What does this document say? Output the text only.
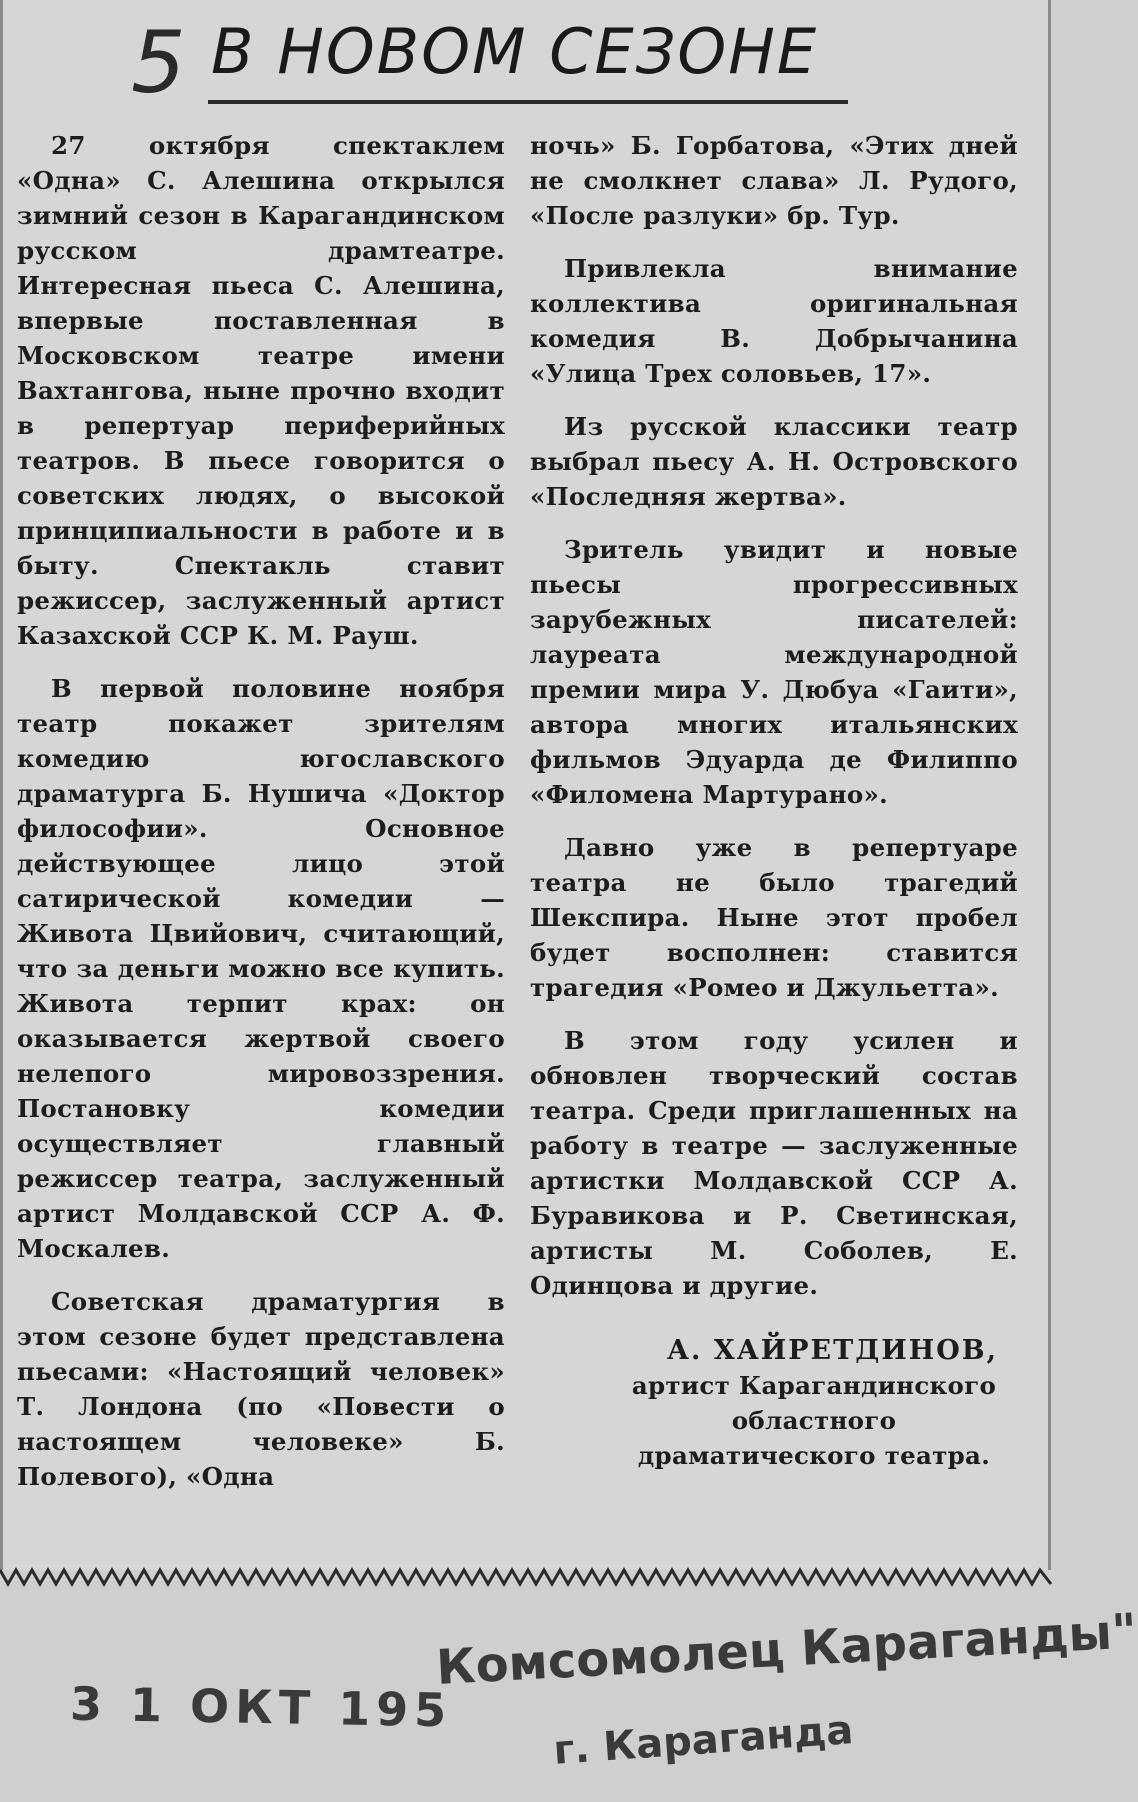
5 В НОВОМ СЕЗОНЕ

27 октября спектаклем «Одна» С. Алешина открылся зимний сезон в Карагандинском русском драмтеатре. Интересная пьеса С. Алешина, впервые поставленная в Московском театре имени Вахтангова, ныне прочно входит в репертуар периферийных театров. В пьесе говорится о советских людях, о высокой принципиальности в работе и в быту. Спектакль ставит режиссер, заслуженный артист Казахской ССР К. М. Рауш.

В первой половине ноября театр покажет зрителям комедию югославского драматурга Б. Нушича «Доктор философии». Основное действующее лицо этой сатирической комедии — Живота Цвийович, считающий, что за деньги можно все купить. Живота терпит крах: он оказывается жертвой своего нелепого мировоззрения. Постановку комедии осуществляет главный режиссер театра, заслуженный артист Молдавской ССР А. Ф. Москалев.

Советская драматургия в этом сезоне будет представлена пьесами: «Настоящий человек» Т. Лондона (по «Повести о настоящем человеке» Б. Полевого), «Одна

ночь» Б. Горбатова, «Этих дней не смолкнет слава» Л. Рудого, «После разлуки» бр. Тур.

Привлекла внимание коллектива оригинальная комедия В. Добрычанина «Улица Трех соловьев, 17».

Из русской классики театр выбрал пьесу А. Н. Островского «Последняя жертва».

Зритель увидит и новые пьесы прогрессивных зарубежных писателей: лауреата международной премии мира У. Дюбуа «Гаити», автора многих итальянских фильмов Эдуарда де Филиппо «Филомена Мартурано».

Давно уже в репертуаре театра не было трагедий Шекспира. Ныне этот пробел будет восполнен: ставится трагедия «Ромео и Джульетта».

В этом году усилен и обновлен творческий состав театра. Среди приглашенных на работу в театре — заслуженные артистки Молдавской ССР А. Буравикова и Р. Светинская, артисты М. Соболев, Е. Одинцова и другие.

А. ХАЙРЕТДИНОВ,
артист Карагандинского областного драматического театра.
3 1 ОКТ 195
Комсомолец Караганды"
г. Караганда
